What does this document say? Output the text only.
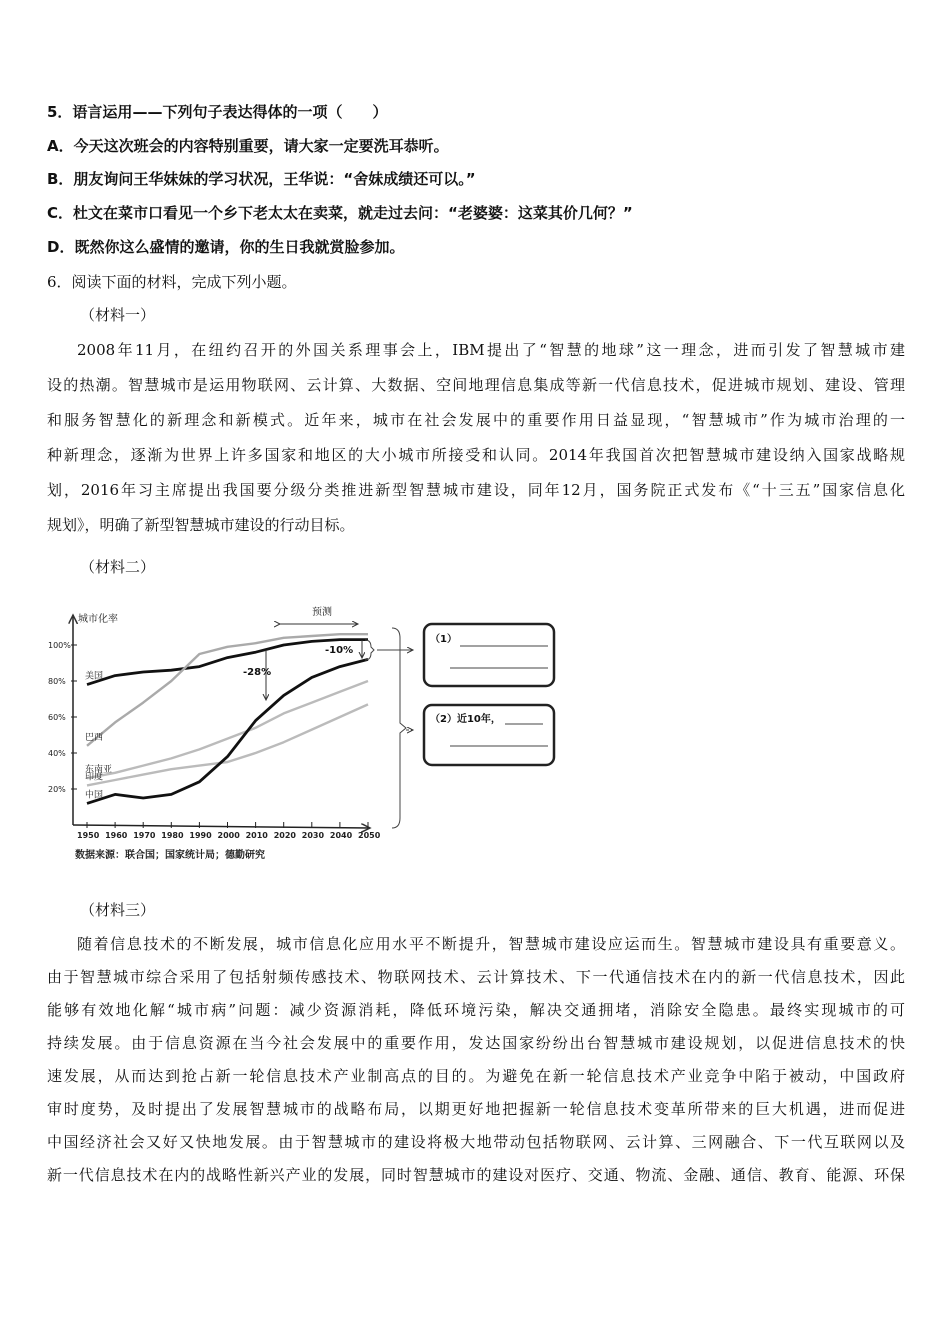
5．语言运用——下列句子表达得体的一项（　　）
A．今天这次班会的内容特别重要，请大家一定要洗耳恭听。
B．朋友询问王华妹妹的学习状况，王华说：“舍妹成绩还可以。”
C．杜文在菜市口看见一个乡下老太太在卖菜，就走过去问：“老婆婆：这菜其价几何？”
D．既然你这么盛情的邀请，你的生日我就赏脸参加。
6．阅读下面的材料，完成下列小题。
（材料一）
2008年11月，在纽约召开的外国关系理事会上，IBM提出了“智慧的地球”这一理念，进而引发了智慧城市建
设的热潮。智慧城市是运用物联网、云计算、大数据、空间地理信息集成等新一代信息技术，促进城市规划、建设、管理
和服务智慧化的新理念和新模式。近年来，城市在社会发展中的重要作用日益显现，“智慧城市”作为城市治理的一
种新理念，逐渐为世界上许多国家和地区的大小城市所接受和认同。2014年我国首次把智慧城市建设纳入国家战略规
划，2016年习主席提出我国要分级分类推进新型智慧城市建设，同年12月，国务院正式发布《“十三五”国家信息化
规划》，明确了新型智慧城市建设的行动目标。
（材料二）
城市化率
20%
40%
60%
80%
100%
1950 1960 1970 1980 1990 2000 2010 2020 2030 2040 2050
美国
巴西
东南亚
印度
中国
预测
-28%
-10%
（1）
（2）近10年，
数据来源：联合国；国家统计局；德勤研究
（材料三）
随着信息技术的不断发展，城市信息化应用水平不断提升，智慧城市建设应运而生。智慧城市建设具有重要意义。
由于智慧城市综合采用了包括射频传感技术、物联网技术、云计算技术、下一代通信技术在内的新一代信息技术，因此
能够有效地化解“城市病”问题：减少资源消耗，降低环境污染，解决交通拥堵，消除安全隐患。最终实现城市的可
持续发展。由于信息资源在当今社会发展中的重要作用，发达国家纷纷出台智慧城市建设规划，以促进信息技术的快
速发展，从而达到抢占新一轮信息技术产业制高点的目的。为避免在新一轮信息技术产业竞争中陷于被动，中国政府
审时度势，及时提出了发展智慧城市的战略布局，以期更好地把握新一轮信息技术变革所带来的巨大机遇，进而促进
中国经济社会又好又快地发展。由于智慧城市的建设将极大地带动包括物联网、云计算、三网融合、下一代互联网以及
新一代信息技术在内的战略性新兴产业的发展，同时智慧城市的建设对医疗、交通、物流、金融、通信、教育、能源、环保
